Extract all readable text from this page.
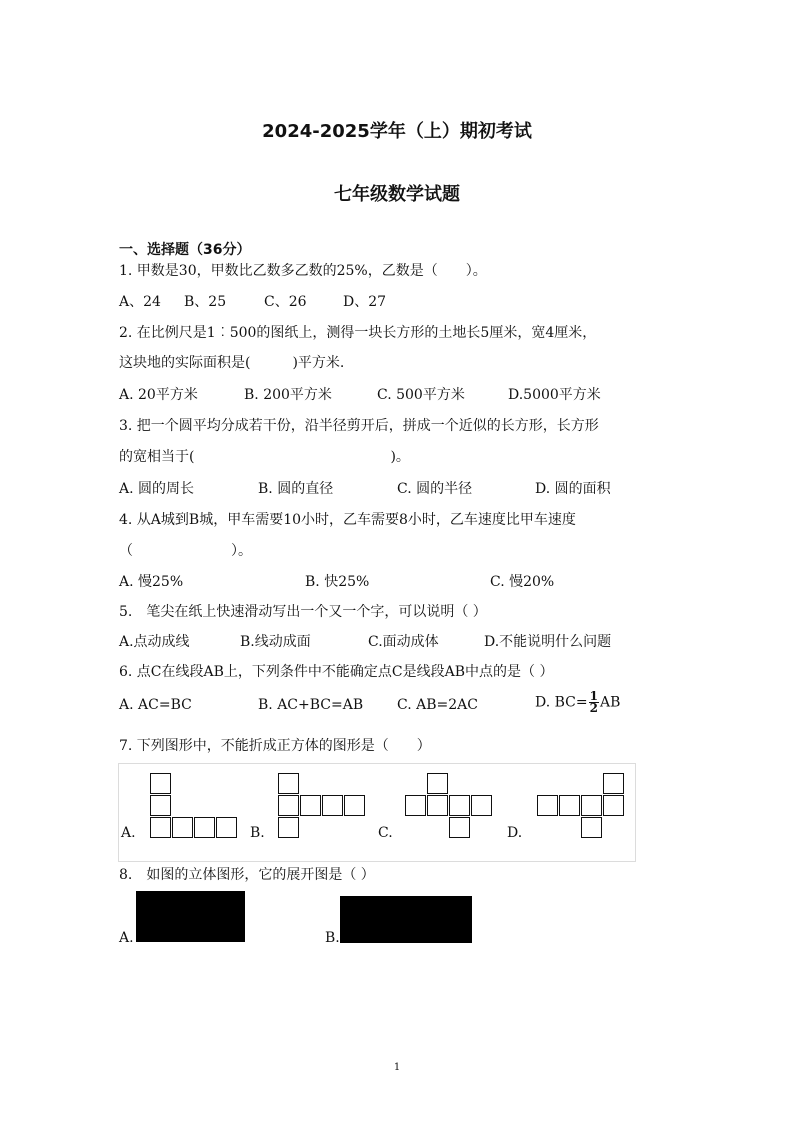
2024-2025学年（上）期初考试
七年级数学试题
一、选择题（36分）
1. 甲数是30，甲数比乙数多乙数的25%，乙数是（　　）。
A、24 B、25	C、26	D、27
2. 在比例尺是1︰500的图纸上，测得一块长方形的土地长5厘米，宽4厘米，
这块地的实际面积是(　　　)平方米.
A. 20平方米	B. 200平方米	C. 500平方米	D.5000平方米
3. 把一个圆平均分成若干份，沿半径剪开后，拼成一个近似的长方形，长方形
的宽相当于(　　　　　　　　　　　　　　)。
A. 圆的周长	B. 圆的直径	C. 圆的半径	D. 圆的面积
4. 从A城到B城，甲车需要10小时，乙车需要8小时，乙车速度比甲车速度
（　　　　　　　）。
A. 慢25%	B. 快25%	C. 慢20%
5.　笔尖在纸上快速滑动写出一个又一个字，可以说明（ ）
A.点动成线	B.线动成面	C.面动成体	D.不能说明什么问题
6. 点C在线段AB上，下列条件中不能确定点C是线段AB中点的是（ ）
A. AC=BC	B. AC+BC=AB C. AB=2AC	D. $BC= \frac{1}{2}$ AB
7. 下列图形中，不能折成正方体的图形是（　　）
A.	B.	C.	D.
8.　如图的立体图形，它的展开图是（ ）
A.	B.
1
